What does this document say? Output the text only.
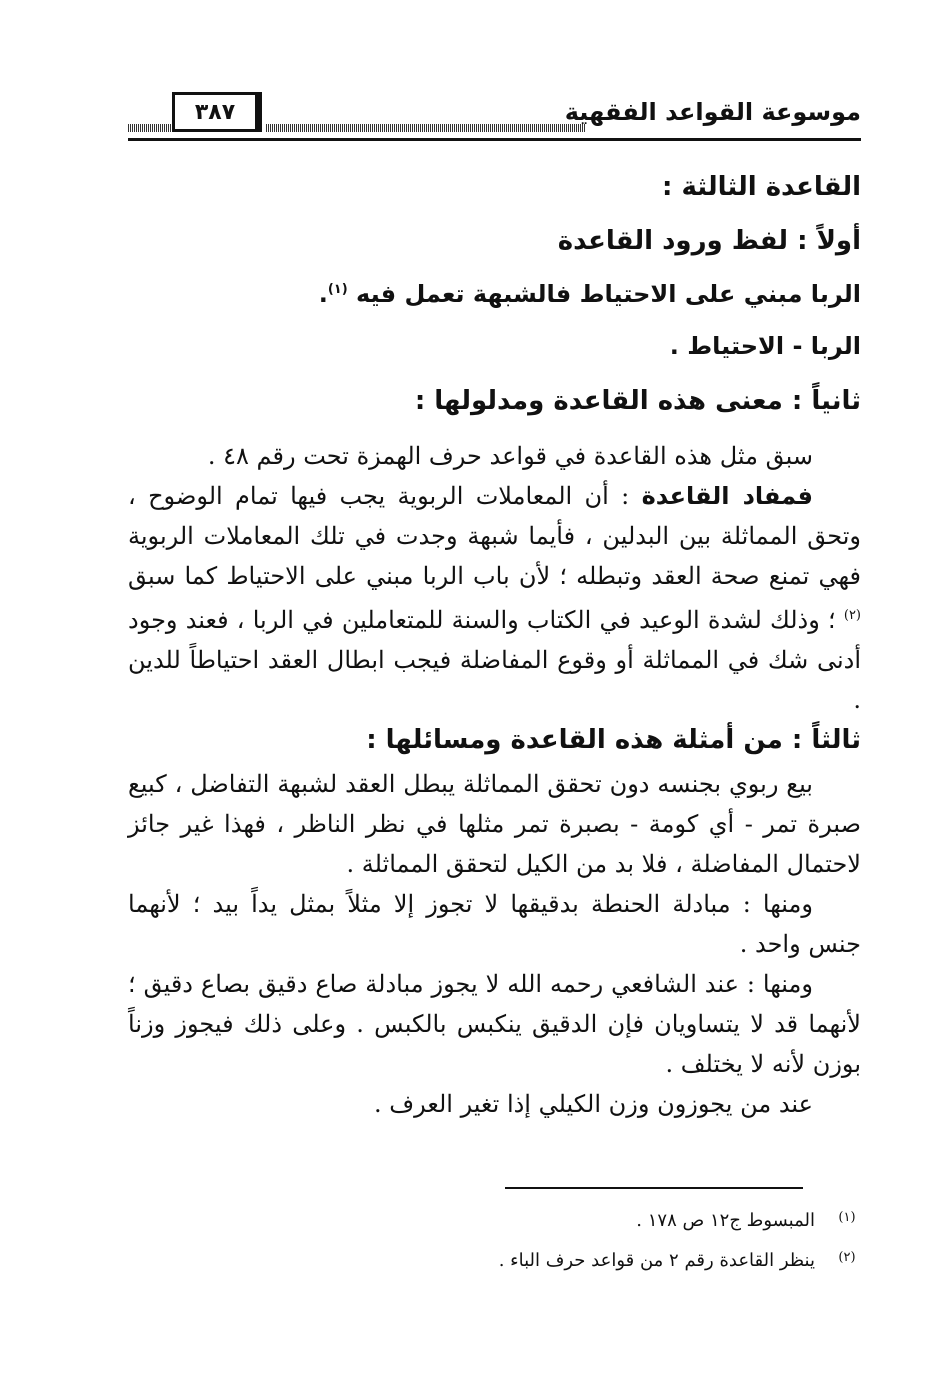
٣٨٧	موسوعة القواعد الفقهية
القاعدة الثالثة :
أولاً : لفظ ورود القاعدة
الربا مبني على الاحتياط فالشبهة تعمل فيه $^{(١)}$.
الربا - الاحتياط .
ثانياً : معنى هذه القاعدة ومدلولها :

سبق مثل هذه القاعدة في قواعد حرف الهمزة تحت رقم ٤٨ .

فمفاد القاعدة : أن المعاملات الربوية يجب فيها تمام الوضوح ، وتحق المماثلة بين البدلين ، فأيما شبهة وجدت في تلك المعاملات الربوية فهي تمنع صحة العقد وتبطله ؛ لأن باب الربا مبني على الاحتياط كما سبق $^{(٢)}$ ؛ وذلك لشدة الوعيد في الكتاب والسنة للمتعاملين في الربا ، فعند وجود أدنى شك في المماثلة أو وقوع المفاضلة فيجب ابطال العقد احتياطاً للدين .

ثالثاً : من أمثلة هذه القاعدة ومسائلها :

بيع ربوي بجنسه دون تحقق المماثلة يبطل العقد لشبهة التفاضل ، كبيع صبرة تمر - أي كومة - بصبرة تمر مثلها في نظر الناظر ، فهذا غير جائز لاحتمال المفاضلة ، فلا بد من الكيل لتحقق المماثلة .

ومنها : مبادلة الحنطة بدقيقها لا تجوز إلا مثلاً بمثل يداً بيد ؛ لأنهما جنس واحد .

ومنها : عند الشافعي رحمه الله لا يجوز مبادلة صاع دقيق بصاع دقيق ؛ لأنهما قد لا يتساويان فإن الدقيق ينكبس بالكبس . وعلى ذلك فيجوز وزناً بوزن لأنه لا يختلف .

عند من يجوزون وزن الكيلي إذا تغير العرف .

(١)
المبسوط ج١٢ ص ١٧٨ .
(٢)
ينظر القاعدة رقم ٢ من قواعد حرف الباء .
